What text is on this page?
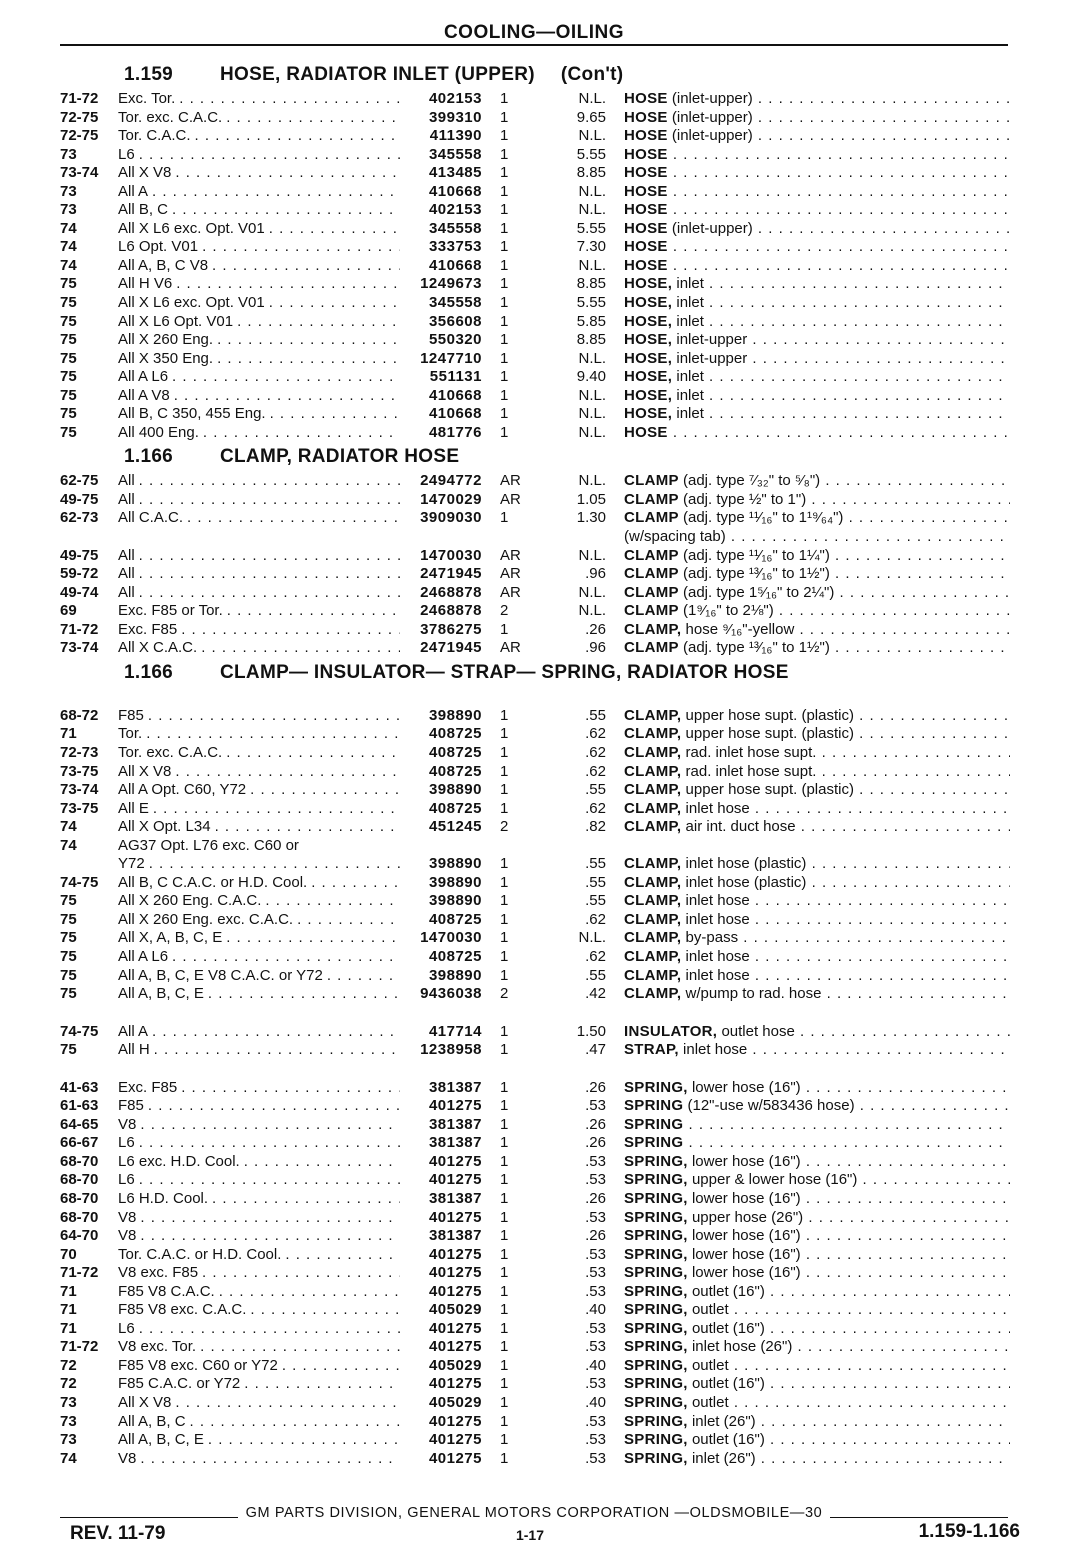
COOLING—OILING
1.159 HOSE, RADIATOR INLET (UPPER) (Con't)
71-72	Exc. Tor. . . .	402153	1	N.L.	HOSE (inlet-upper) . . .
72-75	Tor. exc. C.A.C. . . .	399310	1	9.65	HOSE (inlet-upper) . . .
72-75	Tor. C.A.C. . . .	411390	1	N.L.	HOSE (inlet-upper) . . .
73	L6 . . .	345558	1	5.55	HOSE . . .
73-74	All X V8 . . .	413485	1	8.85	HOSE . . .
73	All A . . .	410668	1	N.L.	HOSE . . .
73	All B, C . . .	402153	1	N.L.	HOSE . . .
74	All X L6 exc. Opt. V01 . . .	345558	1	5.55	HOSE (inlet-upper) . . .
74	L6 Opt. V01 . . .	333753	1	7.30	HOSE . . .
74	All A, B, C V8 . . .	410668	1	N.L.	HOSE . . .
75	All H V6 . . .	1249673	1	8.85	HOSE, inlet . . .
75	All X L6 exc. Opt. V01 . . .	345558	1	5.55	HOSE, inlet . . .
75	All X L6 Opt. V01 . . .	356608	1	5.85	HOSE, inlet . . .
75	All X 260 Eng. . . .	550320	1	8.85	HOSE, inlet-upper . . .
75	All X 350 Eng. . . .	1247710	1	N.L.	HOSE, inlet-upper . . .
75	All A L6 . . .	551131	1	9.40	HOSE, inlet . . .
75	All A V8 . . .	410668	1	N.L.	HOSE, inlet . . .
75	All B, C 350, 455 Eng. . . .	410668	1	N.L.	HOSE, inlet . . .
75	All 400 Eng. . . .	481776	1	N.L.	HOSE . . .
1.166 CLAMP, RADIATOR HOSE
62-75	All . . .	2494772	AR	N.L.	CLAMP (adj. type ⁷⁄₃₂" to ⁵⁄₈") . . .
49-75	All . . .	1470029	AR	1.05	CLAMP (adj. type ½" to 1") . . .
62-73	All C.A.C. . . .	3909030	1	1.30	CLAMP (adj. type ¹¹⁄₁₆" to 1¹⁹⁄₆₄") . . .
(w/spacing tab) . . .
49-75	All . . .	1470030	AR	N.L.	CLAMP (adj. type ¹¹⁄₁₆" to 1¼") . . .
59-72	All . . .	2471945	AR	.96	CLAMP (adj. type ¹³⁄₁₆" to 1½") . . .
49-74	All . . .	2468878	AR	N.L.	CLAMP (adj. type 1⁵⁄₁₆" to 2¼") . . .
69	Exc. F85 or Tor. . . .	2468878	2	N.L.	CLAMP (1⁹⁄₁₆" to 2⅛") . . .
71-72	Exc. F85 . . .	3786275	1	.26	CLAMP, hose ⁹⁄₁₆"-yellow . . .
73-74	All X C.A.C. . . .	2471945	AR	.96	CLAMP (adj. type ¹³⁄₁₆" to 1½") . . .
1.166 CLAMP— INSULATOR— STRAP— SPRING, RADIATOR HOSE
68-72	F85 . . .	398890	1	.55	CLAMP, upper hose supt. (plastic) . . .
71	Tor. . . .	408725	1	.62	CLAMP, upper hose supt. (plastic) . . .
72-73	Tor. exc. C.A.C. . . .	408725	1	.62	CLAMP, rad. inlet hose supt. . . .
73-75	All X V8 . . .	408725	1	.62	CLAMP, rad. inlet hose supt. . . .
73-74	All A Opt. C60, Y72 . . .	398890	1	.55	CLAMP, upper hose supt. (plastic) . . .
73-75	All E . . .	408725	1	.62	CLAMP, inlet hose . . .
74	All X Opt. L34 . . .	451245	2	.82	CLAMP, air int. duct hose . . .
74	AG37 Opt. L76 exc. C60 or
Y72 . . .	398890	1	.55	CLAMP, inlet hose (plastic) . . .
74-75	All B, C C.A.C. or H.D. Cool. . . .	398890	1	.55	CLAMP, inlet hose (plastic) . . .
75	All X 260 Eng. C.A.C. . . .	398890	1	.55	CLAMP, inlet hose . . .
75	All X 260 Eng. exc. C.A.C. . . .	408725	1	.62	CLAMP, inlet hose . . .
75	All X, A, B, C, E . . .	1470030	1	N.L.	CLAMP, by-pass . . .
75	All A L6 . . .	408725	1	.62	CLAMP, inlet hose . . .
75	All A, B, C, E V8 C.A.C. or Y72 . . .	398890	1	.55	CLAMP, inlet hose . . .
75	All A, B, C, E . . .	9436038	2	.42	CLAMP, w/pump to rad. hose . . .
74-75	All A . . .	417714	1	1.50	INSULATOR, outlet hose . . .
75	All H . . .	1238958	1	.47	STRAP, inlet hose . . .
41-63	Exc. F85 . . .	381387	1	.26	SPRING, lower hose (16") . . .
61-63	F85 . . .	401275	1	.53	SPRING (12"-use w/583436 hose) . . .
64-65	V8 . . .	381387	1	.26	SPRING . . .
66-67	L6 . . .	381387	1	.26	SPRING . . .
68-70	L6 exc. H.D. Cool. . . .	401275	1	.53	SPRING, lower hose (16") . . .
68-70	L6 . . .	401275	1	.53	SPRING, upper & lower hose (16") . . .
68-70	L6 H.D. Cool. . . .	381387	1	.26	SPRING, lower hose (16") . . .
68-70	V8 . . .	401275	1	.53	SPRING, upper hose (26") . . .
64-70	V8 . . .	381387	1	.26	SPRING, lower hose (16") . . .
70	Tor. C.A.C. or H.D. Cool. . . .	401275	1	.53	SPRING, lower hose (16") . . .
71-72	V8 exc. F85 . . .	401275	1	.53	SPRING, lower hose (16") . . .
71	F85 V8 C.A.C. . . .	401275	1	.53	SPRING, outlet (16") . . .
71	F85 V8 exc. C.A.C. . . .	405029	1	.40	SPRING, outlet . . .
71	L6 . . .	401275	1	.53	SPRING, outlet (16") . . .
71-72	V8 exc. Tor. . . .	401275	1	.53	SPRING, inlet hose (26") . . .
72	F85 V8 exc. C60 or Y72 . . .	405029	1	.40	SPRING, outlet . . .
72	F85 C.A.C. or Y72 . . .	401275	1	.53	SPRING, outlet (16") . . .
73	All X V8 . . .	405029	1	.40	SPRING, outlet . . .
73	All A, B, C . . .	401275	1	.53	SPRING, inlet (26") . . .
73	All A, B, C, E . . .	401275	1	.53	SPRING, outlet (16") . . .
74	V8 . . .	401275	1	.53	SPRING, inlet (26") . . .
GM PARTS DIVISION, GENERAL MOTORS CORPORATION —OLDSMOBILE—30
REV. 11-79	1-17	1.159-1.166
